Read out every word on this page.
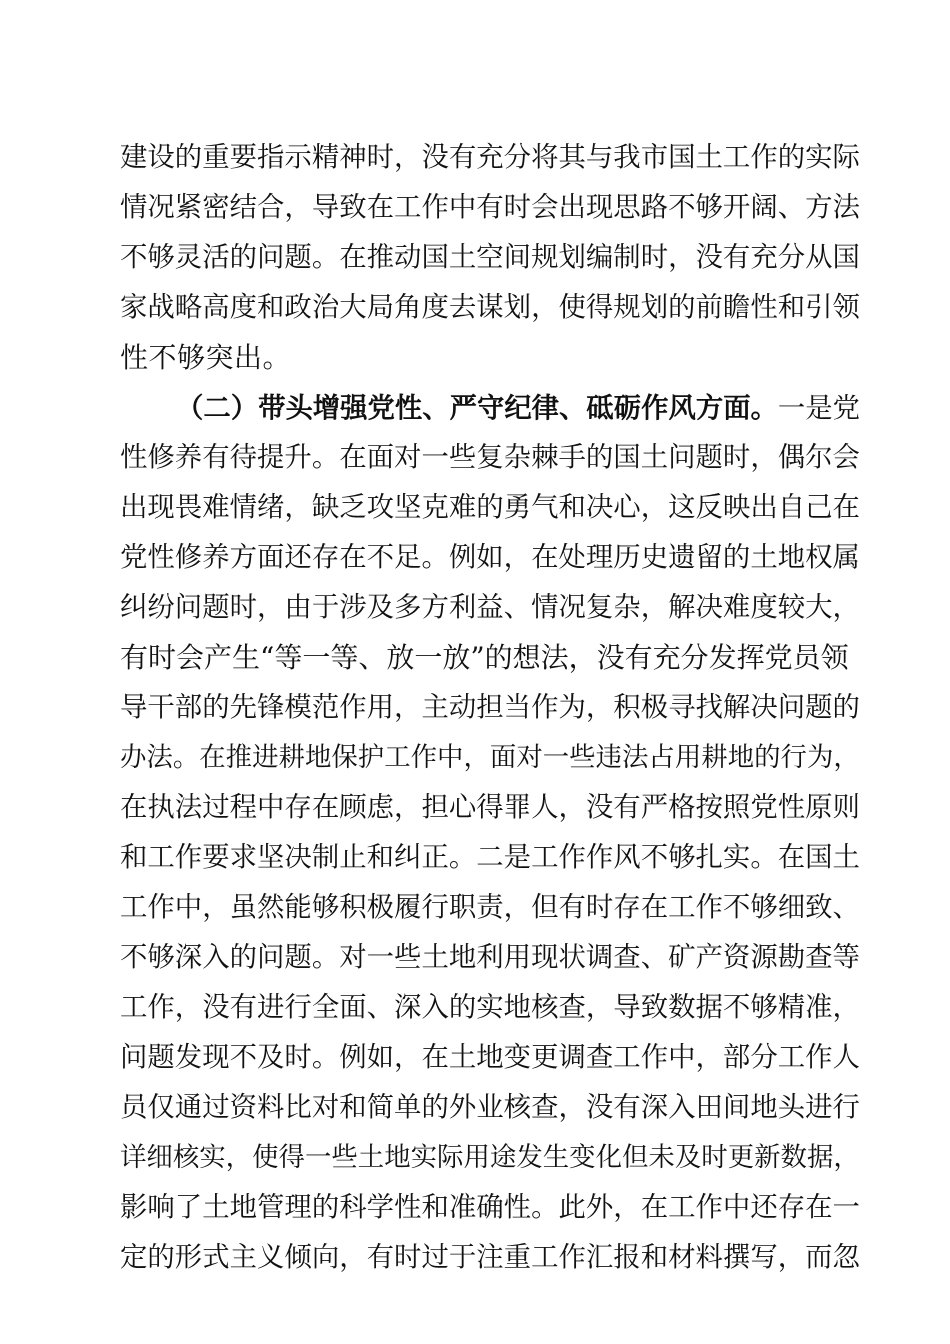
建设的重要指示精神时，没有充分将其与我市国土工作的实际
情况紧密结合，导致在工作中有时会出现思路不够开阔、方法
不够灵活的问题。在推动国土空间规划编制时，没有充分从国
家战略高度和政治大局角度去谋划，使得规划的前瞻性和引领
性不够突出。
（二）带头增强党性、严守纪律、砥砺作风方面。一是党
性修养有待提升。在面对一些复杂棘手的国土问题时，偶尔会
出现畏难情绪，缺乏攻坚克难的勇气和决心，这反映出自己在
党性修养方面还存在不足。例如，在处理历史遗留的土地权属
纠纷问题时，由于涉及多方利益、情况复杂，解决难度较大，
有时会产生“等一等、放一放”的想法，没有充分发挥党员领
导干部的先锋模范作用，主动担当作为，积极寻找解决问题的
办法。在推进耕地保护工作中，面对一些违法占用耕地的行为，
在执法过程中存在顾虑，担心得罪人，没有严格按照党性原则
和工作要求坚决制止和纠正。二是工作作风不够扎实。在国土
工作中，虽然能够积极履行职责，但有时存在工作不够细致、
不够深入的问题。对一些土地利用现状调查、矿产资源勘查等
工作，没有进行全面、深入的实地核查，导致数据不够精准，
问题发现不及时。例如，在土地变更调查工作中，部分工作人
员仅通过资料比对和简单的外业核查，没有深入田间地头进行
详细核实，使得一些土地实际用途发生变化但未及时更新数据，
影响了土地管理的科学性和准确性。此外，在工作中还存在一
定的形式主义倾向，有时过于注重工作汇报和材料撰写，而忽
